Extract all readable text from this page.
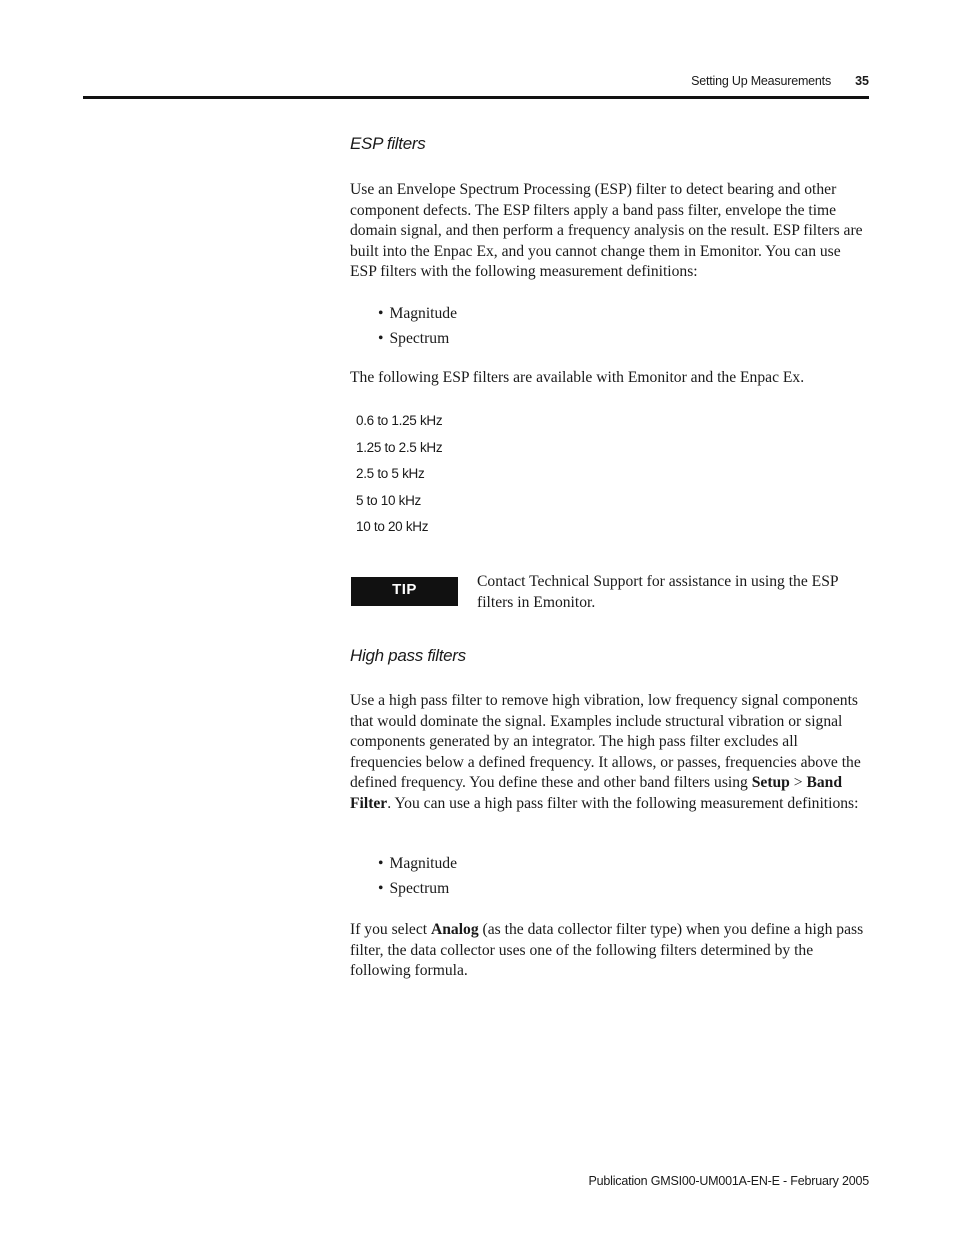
Setting Up Measurements 35
ESP filters
Use an Envelope Spectrum Processing (ESP) filter to detect bearing and other component defects. The ESP filters apply a band pass filter, envelope the time domain signal, and then perform a frequency analysis on the result. ESP filters are built into the Enpac Ex, and you cannot change them in Emonitor. You can use ESP filters with the following measurement definitions:
• Magnitude
• Spectrum
The following ESP filters are available with Emonitor and the Enpac Ex.
0.6 to 1.25 kHz
1.25 to 2.5 kHz
2.5 to 5 kHz
5 to 10 kHz
10 to 20 kHz
TIP	Contact Technical Support for assistance in using the ESP filters in Emonitor.
High pass filters
Use a high pass filter to remove high vibration, low frequency signal components that would dominate the signal. Examples include structural vibration or signal components generated by an integrator. The high pass filter excludes all frequencies below a defined frequency. It allows, or passes, frequencies above the defined frequency. You define these and other band filters using Setup > Band Filter. You can use a high pass filter with the following measurement definitions:
• Magnitude
• Spectrum
If you select Analog (as the data collector filter type) when you define a high pass filter, the data collector uses one of the following filters determined by the following formula.
Publication GMSI00-UM001A-EN-E - February 2005
